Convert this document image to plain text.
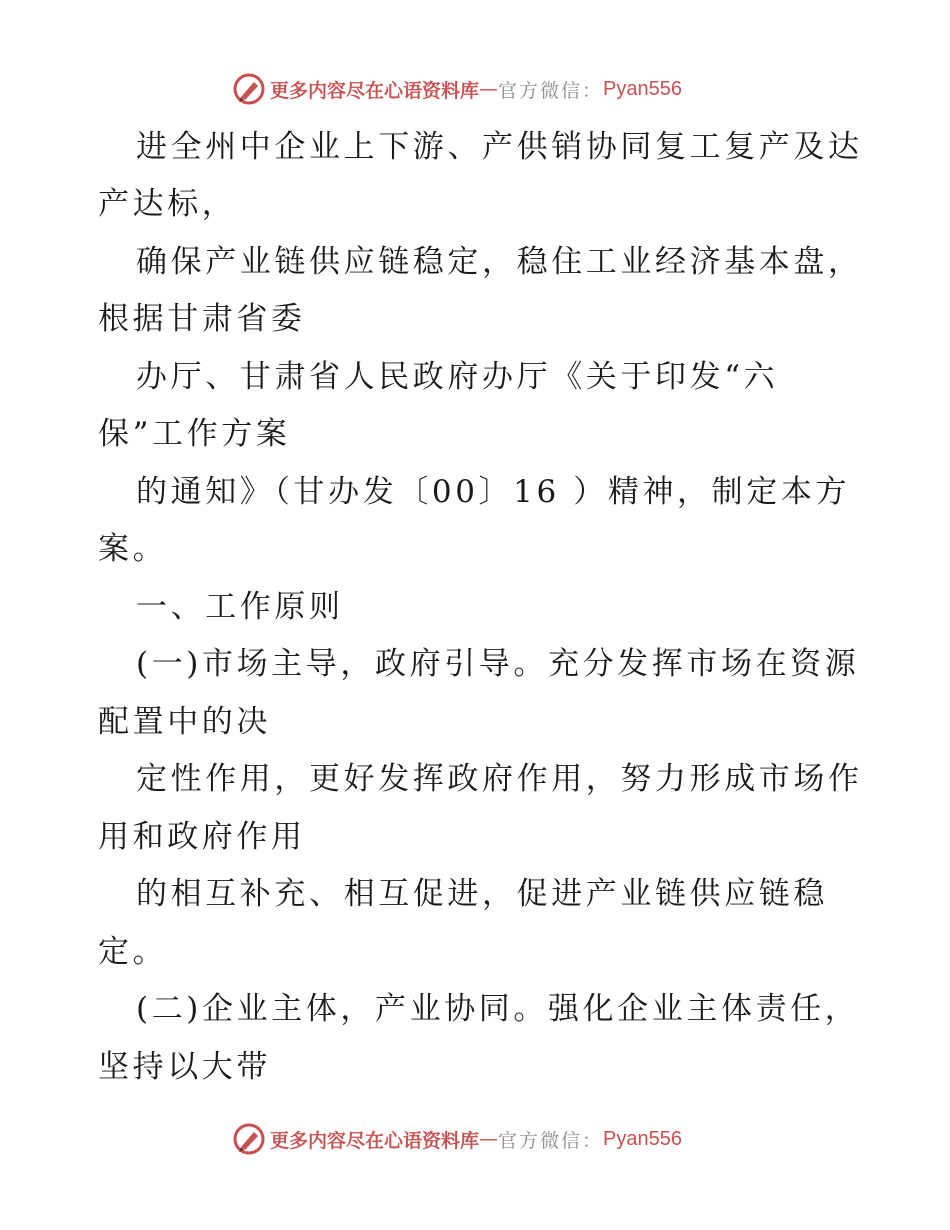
更多内容尽在心语资料库 — 官方微信： Pyan556
进全州中企业上下游、产供销协同复工复产及达
产达标，
确保产业链供应链稳定，稳住工业经济基本盘，
根据甘肃省委
办厅、甘肃省人民政府办厅《关于印发“六
保”工作方案
的通知》（甘办发〔00〕16 ）精神，制定本方
案。
一、工作原则
(一)市场主导，政府引导。充分发挥市场在资源
配置中的决
定性作用，更好发挥政府作用，努力形成市场作
用和政府作用
的相互补充、相互促进，促进产业链供应链稳
定。
(二)企业主体，产业协同。强化企业主体责任，
坚持以大带
更多内容尽在心语资料库 — 官方微信： Pyan556
